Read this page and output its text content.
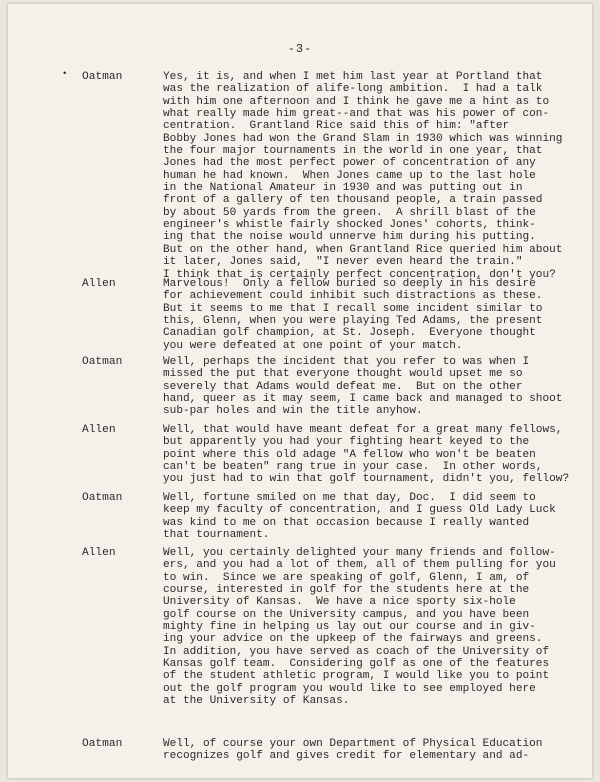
-3-
• Oatman	Yes, it is, and when I met him last year at Portland that
was the realization of alife-long ambition.  I had a talk
with him one afternoon and I think he gave me a hint as to
what really made him great--and that was his power of con-
centration.  Grantland Rice said this of him: "after
Bobby Jones had won the Grand Slam in 1930 which was winning
the four major tournaments in the world in one year, that
Jones had the most perfect power of concentration of any
human he had known.  When Jones came up to the last hole
in the National Amateur in 1930 and was putting out in
front of a gallery of ten thousand people, a train passed
by about 50 yards from the green.  A shrill blast of the
engineer's whistle fairly shocked Jones' cohorts, think-
ing that the noise would unnerve him during his putting.
But on the other hand, when Grantland Rice queried him about
it later, Jones said,  "I never even heard the train."
I think that is certainly perfect concentration, don't you?
Allen	Marvelous!  Only a fellow buried so deeply in his desire
for achievement could inhibit such distractions as these.
But it seems to me that I recall some incident similar to
this, Glenn, when you were playing Ted Adams, the present
Canadian golf champion, at St. Joseph.  Everyone thought
you were defeated at one point of your match.
Oatman	Well, perhaps the incident that you refer to was when I
missed the put that everyone thought would upset me so
severely that Adams would defeat me.  But on the other
hand, queer as it may seem, I came back and managed to shoot
sub-par holes and win the title anyhow.
Allen	Well, that would have meant defeat for a great many fellows,
but apparently you had your fighting heart keyed to the
point where this old adage "A fellow who won't be beaten
can't be beaten" rang true in your case.  In other words,
you just had to win that golf tournament, didn't you, fellow?
Oatman	Well, fortune smiled on me that day, Doc.  I did seem to
keep my faculty of concentration, and I guess Old Lady Luck
was kind to me on that occasion because I really wanted
that tournament.
Allen	Well, you certainly delighted your many friends and follow-
ers, and you had a lot of them, all of them pulling for you
to win.  Since we are speaking of golf, Glenn, I am, of
course, interested in golf for the students here at the
University of Kansas.  We have a nice sporty six-hole
golf course on the University campus, and you have been
mighty fine in helping us lay out our course and in giv-
ing your advice on the upkeep of the fairways and greens.
In addition, you have served as coach of the University of
Kansas golf team.  Considering golf as one of the features
of the student athletic program, I would like you to point
out the golf program you would like to see employed here
at the University of Kansas.
Oatman	Well, of course your own Department of Physical Education
recognizes golf and gives credit for elementary and ad-
